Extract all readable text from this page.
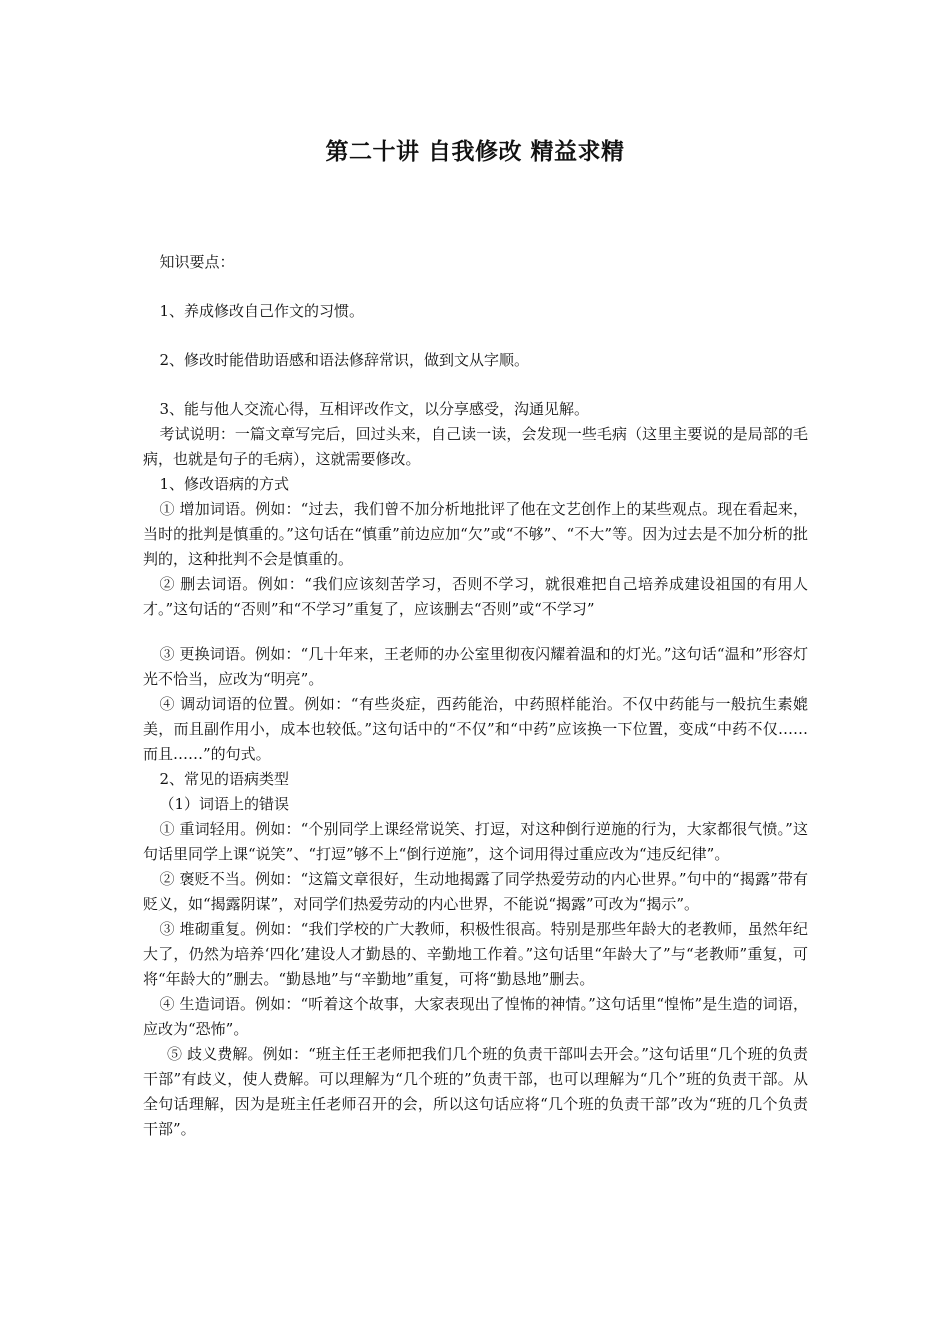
第二十讲 自我修改 精益求精

知识要点：

1、养成修改自己作文的习惯。

2、修改时能借助语感和语法修辞常识，做到文从字顺。

3、能与他人交流心得，互相评改作文，以分享感受，沟通见解。

考试说明：一篇文章写完后，回过头来，自己读一读，会发现一些毛病（这里主要说的是局部的毛病，也就是句子的毛病），这就需要修改。

1、修改语病的方式

① 增加词语。例如：“过去，我们曾不加分析地批评了他在文艺创作上的某些观点。现在看起来，当时的批判是慎重的。”这句话在“慎重”前边应加“欠”或“不够”、“不大”等。因为过去是不加分析的批判的，这种批判不会是慎重的。

② 删去词语。例如：“我们应该刻苦学习，否则不学习，就很难把自己培养成建设祖国的有用人才。”这句话的“否则”和“不学习”重复了，应该删去“否则”或“不学习”

③ 更换词语。例如：“几十年来，王老师的办公室里彻夜闪耀着温和的灯光。”这句话“温和”形容灯光不恰当，应改为“明亮”。

④ 调动词语的位置。例如：“有些炎症，西药能治，中药照样能治。不仅中药能与一般抗生素媲美，而且副作用小，成本也较低。”这句话中的“不仅”和“中药”应该换一下位置，变成“中药不仅……而且……”的句式。

2、常见的语病类型

（1）词语上的错误

① 重词轻用。例如：“个别同学上课经常说笑、打逗，对这种倒行逆施的行为，大家都很气愤。”这句话里同学上课“说笑”、“打逗”够不上“倒行逆施”，这个词用得过重应改为“违反纪律”。

② 褒贬不当。例如：“这篇文章很好，生动地揭露了同学热爱劳动的内心世界。”句中的“揭露”带有贬义，如“揭露阴谋”，对同学们热爱劳动的内心世界，不能说“揭露”可改为“揭示”。

③ 堆砌重复。例如：“我们学校的广大教师，积极性很高。特别是那些年龄大的老教师，虽然年纪大了，仍然为培养‘四化’建设人才勤恳的、辛勤地工作着。”这句话里“年龄大了”与“老教师”重复，可将“年龄大的”删去。“勤恳地”与“辛勤地”重复，可将“勤恳地”删去。

④ 生造词语。例如：“听着这个故事，大家表现出了惶怖的神情。”这句话里“惶怖”是生造的词语，应改为“恐怖”。

⑤ 歧义费解。例如：“班主任王老师把我们几个班的负责干部叫去开会。”这句话里“几个班的负责干部”有歧义，使人费解。可以理解为“几个班的”负责干部，也可以理解为“几个”班的负责干部。从全句话理解，因为是班主任老师召开的会，所以这句话应将“几个班的负责干部”改为“班的几个负责干部”。
